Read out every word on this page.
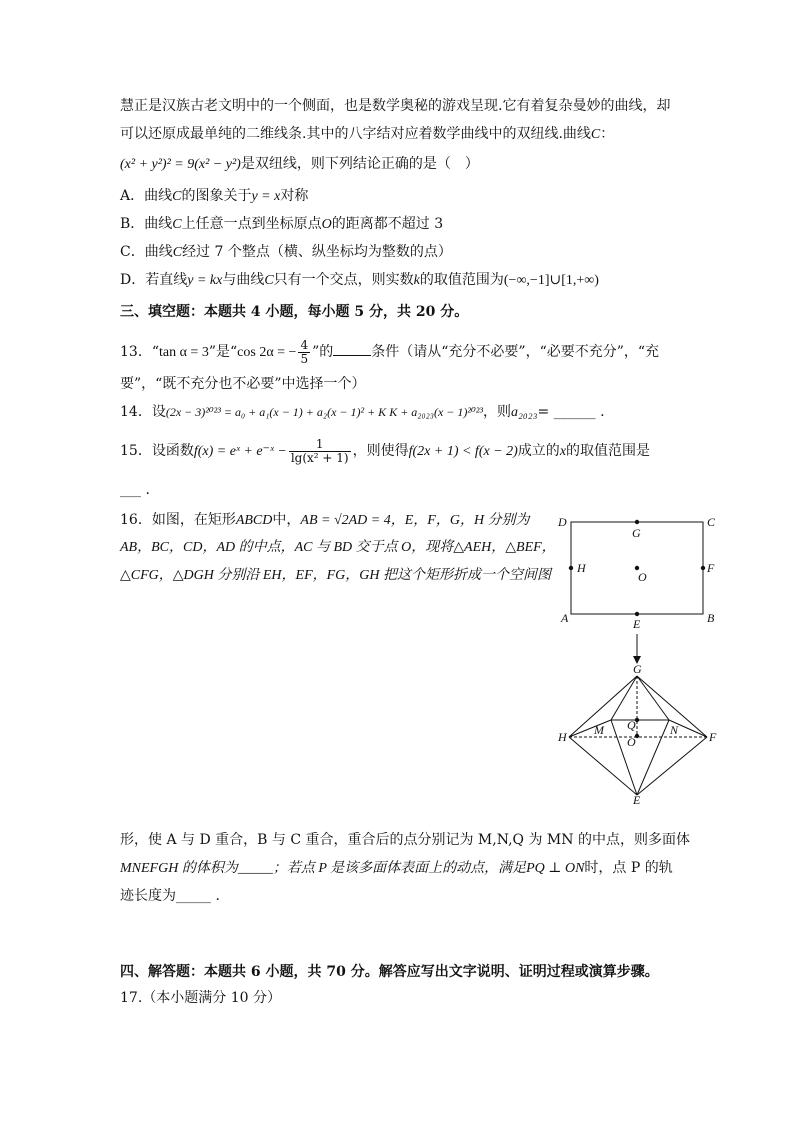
慧正是汉族古老文明中的一个侧面，也是数学奥秘的游戏呈现.它有着复杂曼妙的曲线，却
可以还原成最单纯的二维线条.其中的八字结对应着数学曲线中的双纽线.曲线C：
(x² + y²)² = 9(x² − y²)是双纽线，则下列结论正确的是（　）
A．曲线C的图象关于y = x对称
B．曲线C上任意一点到坐标原点O的距离都不超过 3
C．曲线C经过 7 个整点（横、纵坐标均为整数的点）
D．若直线y = kx与曲线C只有一个交点，则实数k的取值范围为(−∞,−1]∪[1,+∞)
三、填空题：本题共 4 小题，每小题 5 分，共 20 分。
13．“tan α = 3”是“cos 2α = − $\frac{4}{5}$ ”的	条件（请从“充分不必要”，“必要不充分”，“充
要”，“既不充分也不必要”中选择一个）
14．设(2x − 3)²⁰²³ = a₀ + a₁(x − 1) + a₂(x − 1)² + K K + a₂₀₂₃(x − 1)²⁰²³，则a₂₀₂₃= ______ .
15．设函数f(x) = eˣ + e⁻ˣ − $\frac{1}{\text{lg(x² + 1)}}$ ，则使得f(2x + 1) < f(x − 2)成立的x的取值范围是
___ .
16．如图，在矩形ABCD中，AB = √2AD = 4，E，F，G，H 分别为
AB，BC，CD，AD 的中点，AC 与 BD 交于点 O，现将△AEH，△BEF，
△CFG，△DGH 分别沿 EH，EF，FG，GH 把这个矩形折成一个空间图
D	C
G
H
O
F
A	E	B
G
H M Q
O
N	F
E
形，使 A 与 D 重合，B 与 C 重合，重合后的点分别记为 M,N,Q 为 MN 的中点，则多面体
MNEFGH 的体积为_____；若点 P 是该多面体表面上的动点，满足PQ ⊥ ON时，点 P 的轨
迹长度为_____ .
四、解答题：本题共 6 小题，共 70 分。解答应写出文字说明、证明过程或演算步骤。
17.（本小题满分 10 分）
